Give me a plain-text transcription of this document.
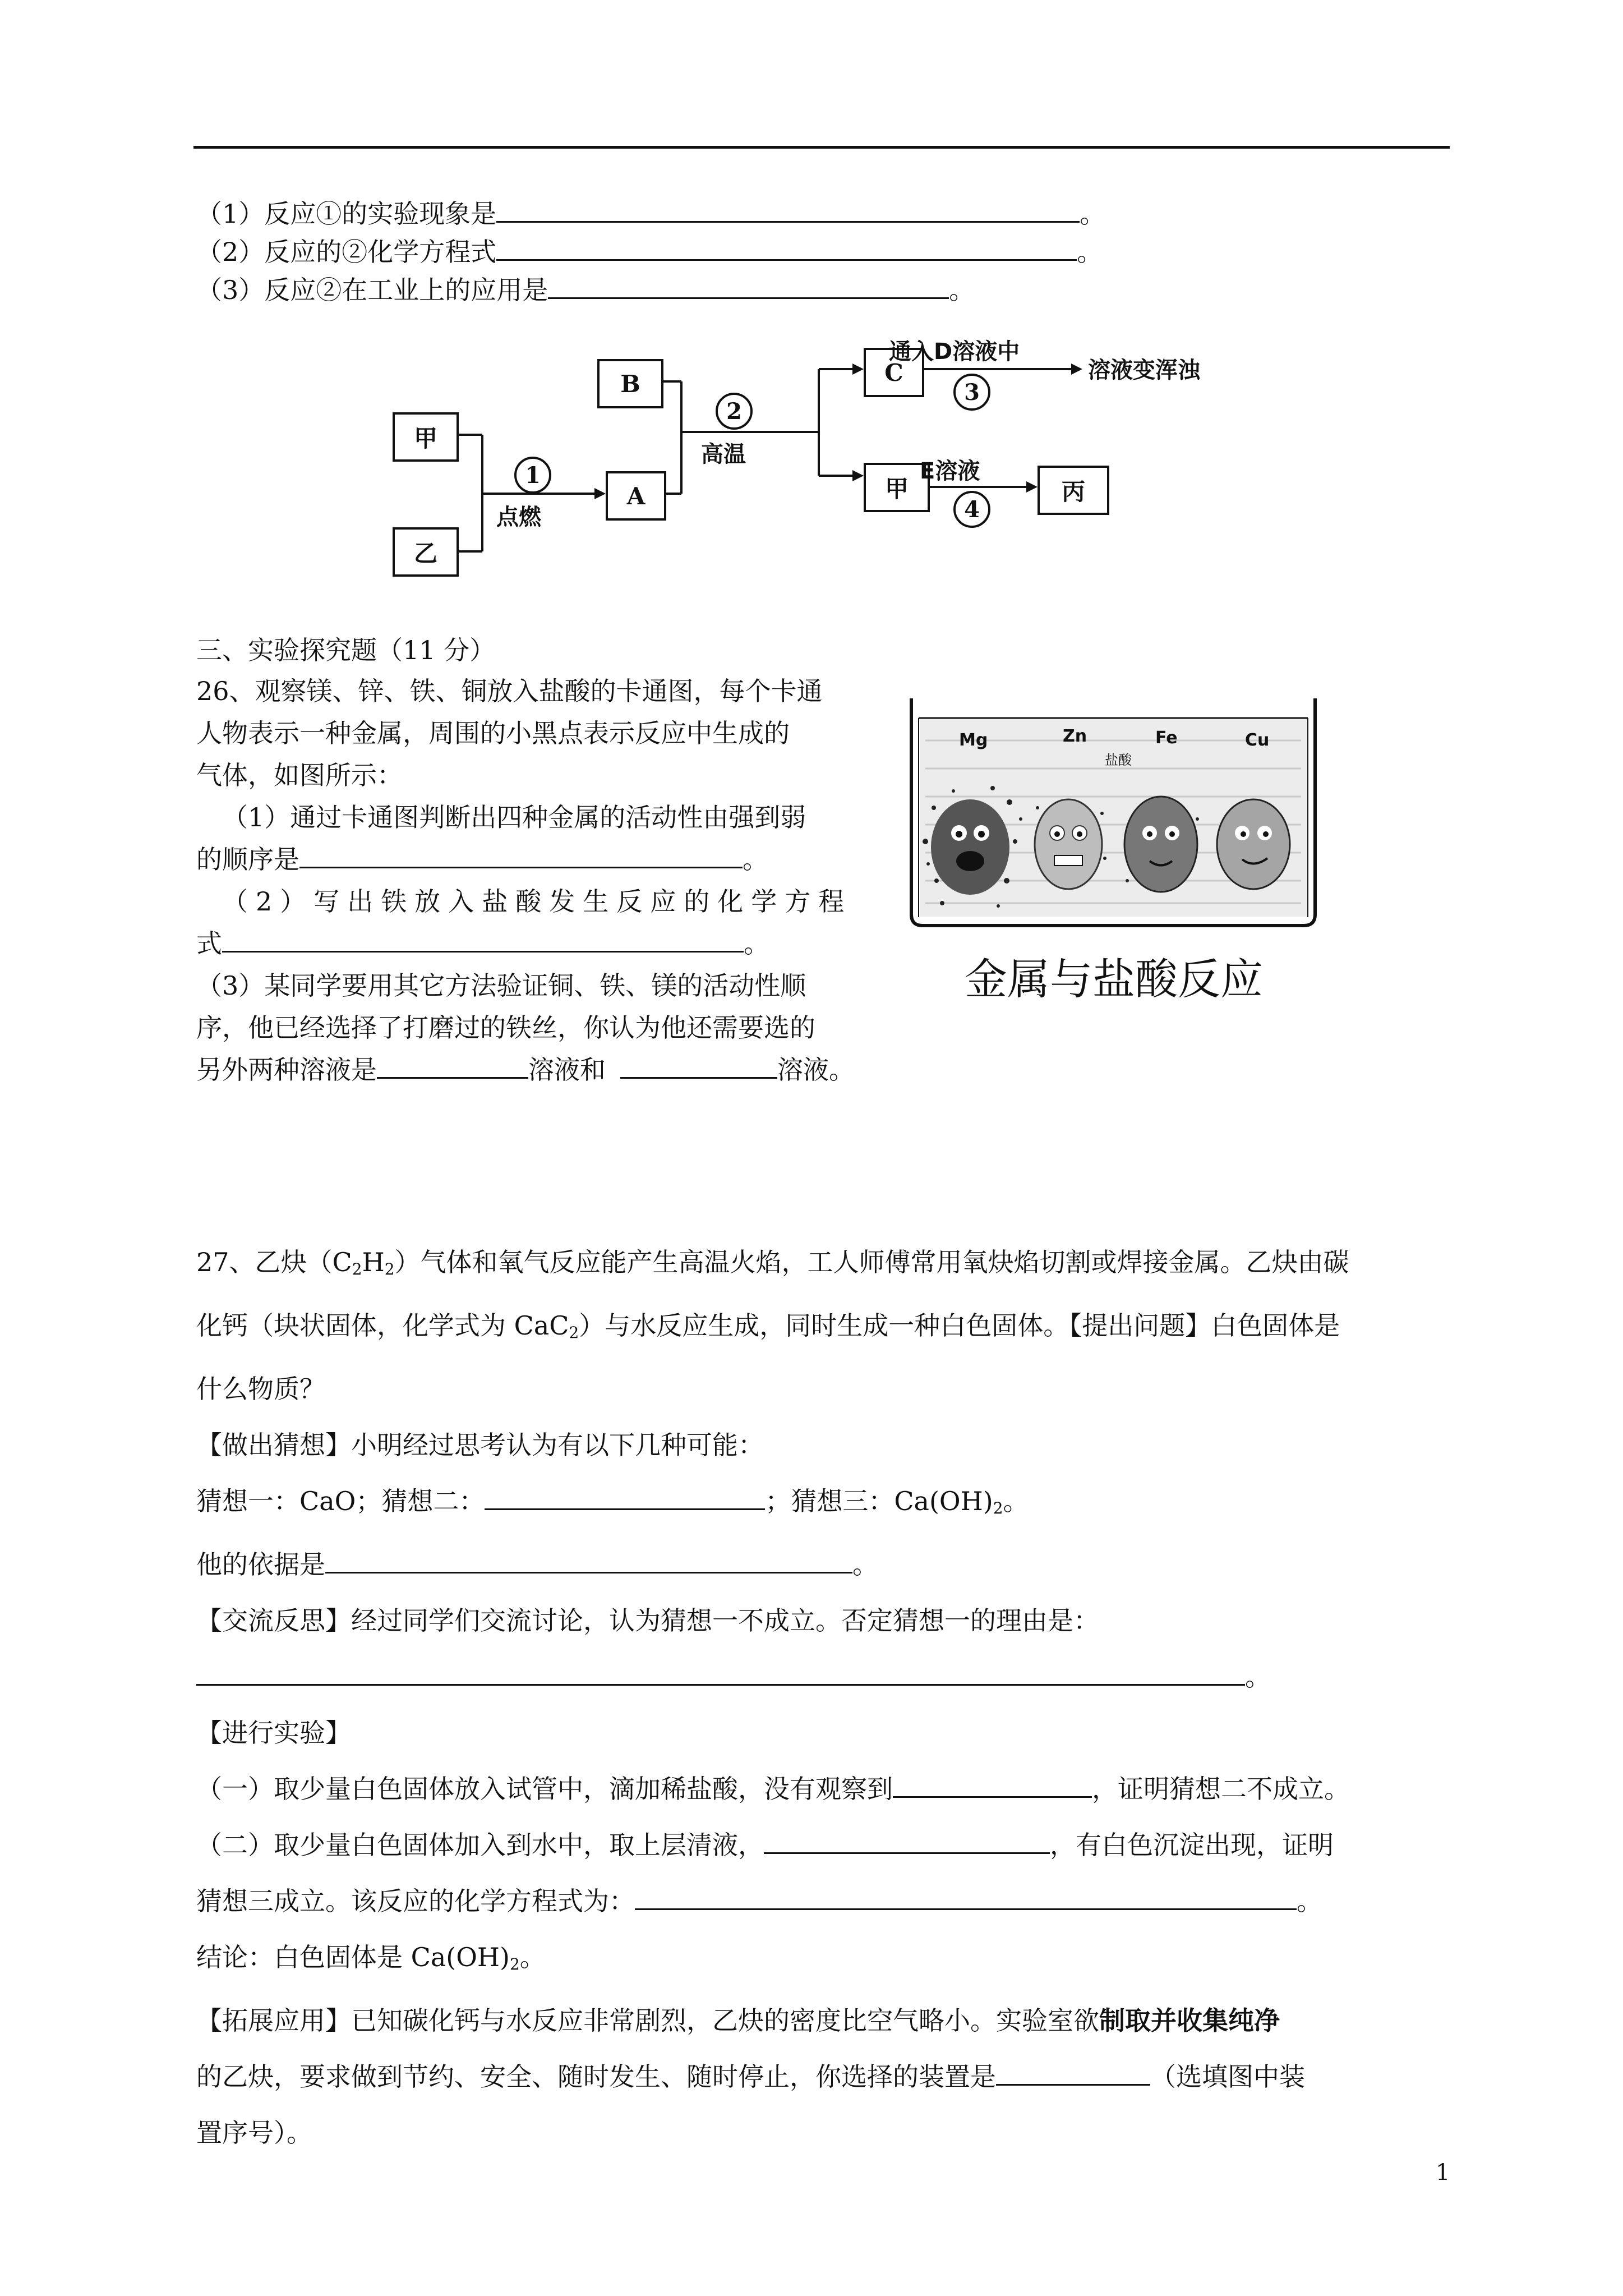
（1）反应①的实验现象是	。
（2）反应的②化学方程式	。
（3）反应②在工业上的应用是	。
甲
乙
A
B	C
甲	丙
1
点燃
2
高温
通入D溶液中
3
溶液变浑浊
E溶液
4
三、实验探究题（11 分）
26、观察镁、锌、铁、铜放入盐酸的卡通图，每个卡通
人物表示一种金属，周围的小黑点表示反应中生成的
气体，如图所示：
（1）通过卡通图判断出四种金属的活动性由强到弱
的顺序是	。
（2）写出铁放入盐酸发生反应的化学方程
式	。
（3）某同学要用其它方法验证铜、铁、镁的活动性顺
序，他已经选择了打磨过的铁丝，你认为他还需要选的
另外两种溶液是	溶液和	溶液。
Mg	Zn
盐酸
Fe	Cu
金属与盐酸反应
27、乙炔$(C_2H_2)$气体和氧气反应能产生高温火焰，工人师傅常用氧炔焰切割或焊接金属。乙炔由碳
化钙（块状固体，化学式为 CaC$_2$）与水反应生成，同时生成一种白色固体。【提出问题】白色固体是
什么物质？
【做出猜想】小明经过思考认为有以下几种可能：
猜想一：CaO；猜想二：	；猜想三：$Ca(OH)_2$。
他的依据是	。
【交流反思】经过同学们交流讨论，认为猜想一不成立。否定猜想一的理由是：
。
【进行实验】
（一）取少量白色固体放入试管中，滴加稀盐酸，没有观察到	，证明猜想二不成立。
（二）取少量白色固体加入到水中，取上层清液，	，有白色沉淀出现，证明
猜想三成立。该反应的化学方程式为：	。
结论：白色固体是 $Ca(OH)_2$。
【拓展应用】已知碳化钙与水反应非常剧烈，乙炔的密度比空气略小。实验室欲制取并收集纯净
的乙炔，要求做到节约、安全、随时发生、随时停止，你选择的装置是	（选填图中装
置序号）。
1
